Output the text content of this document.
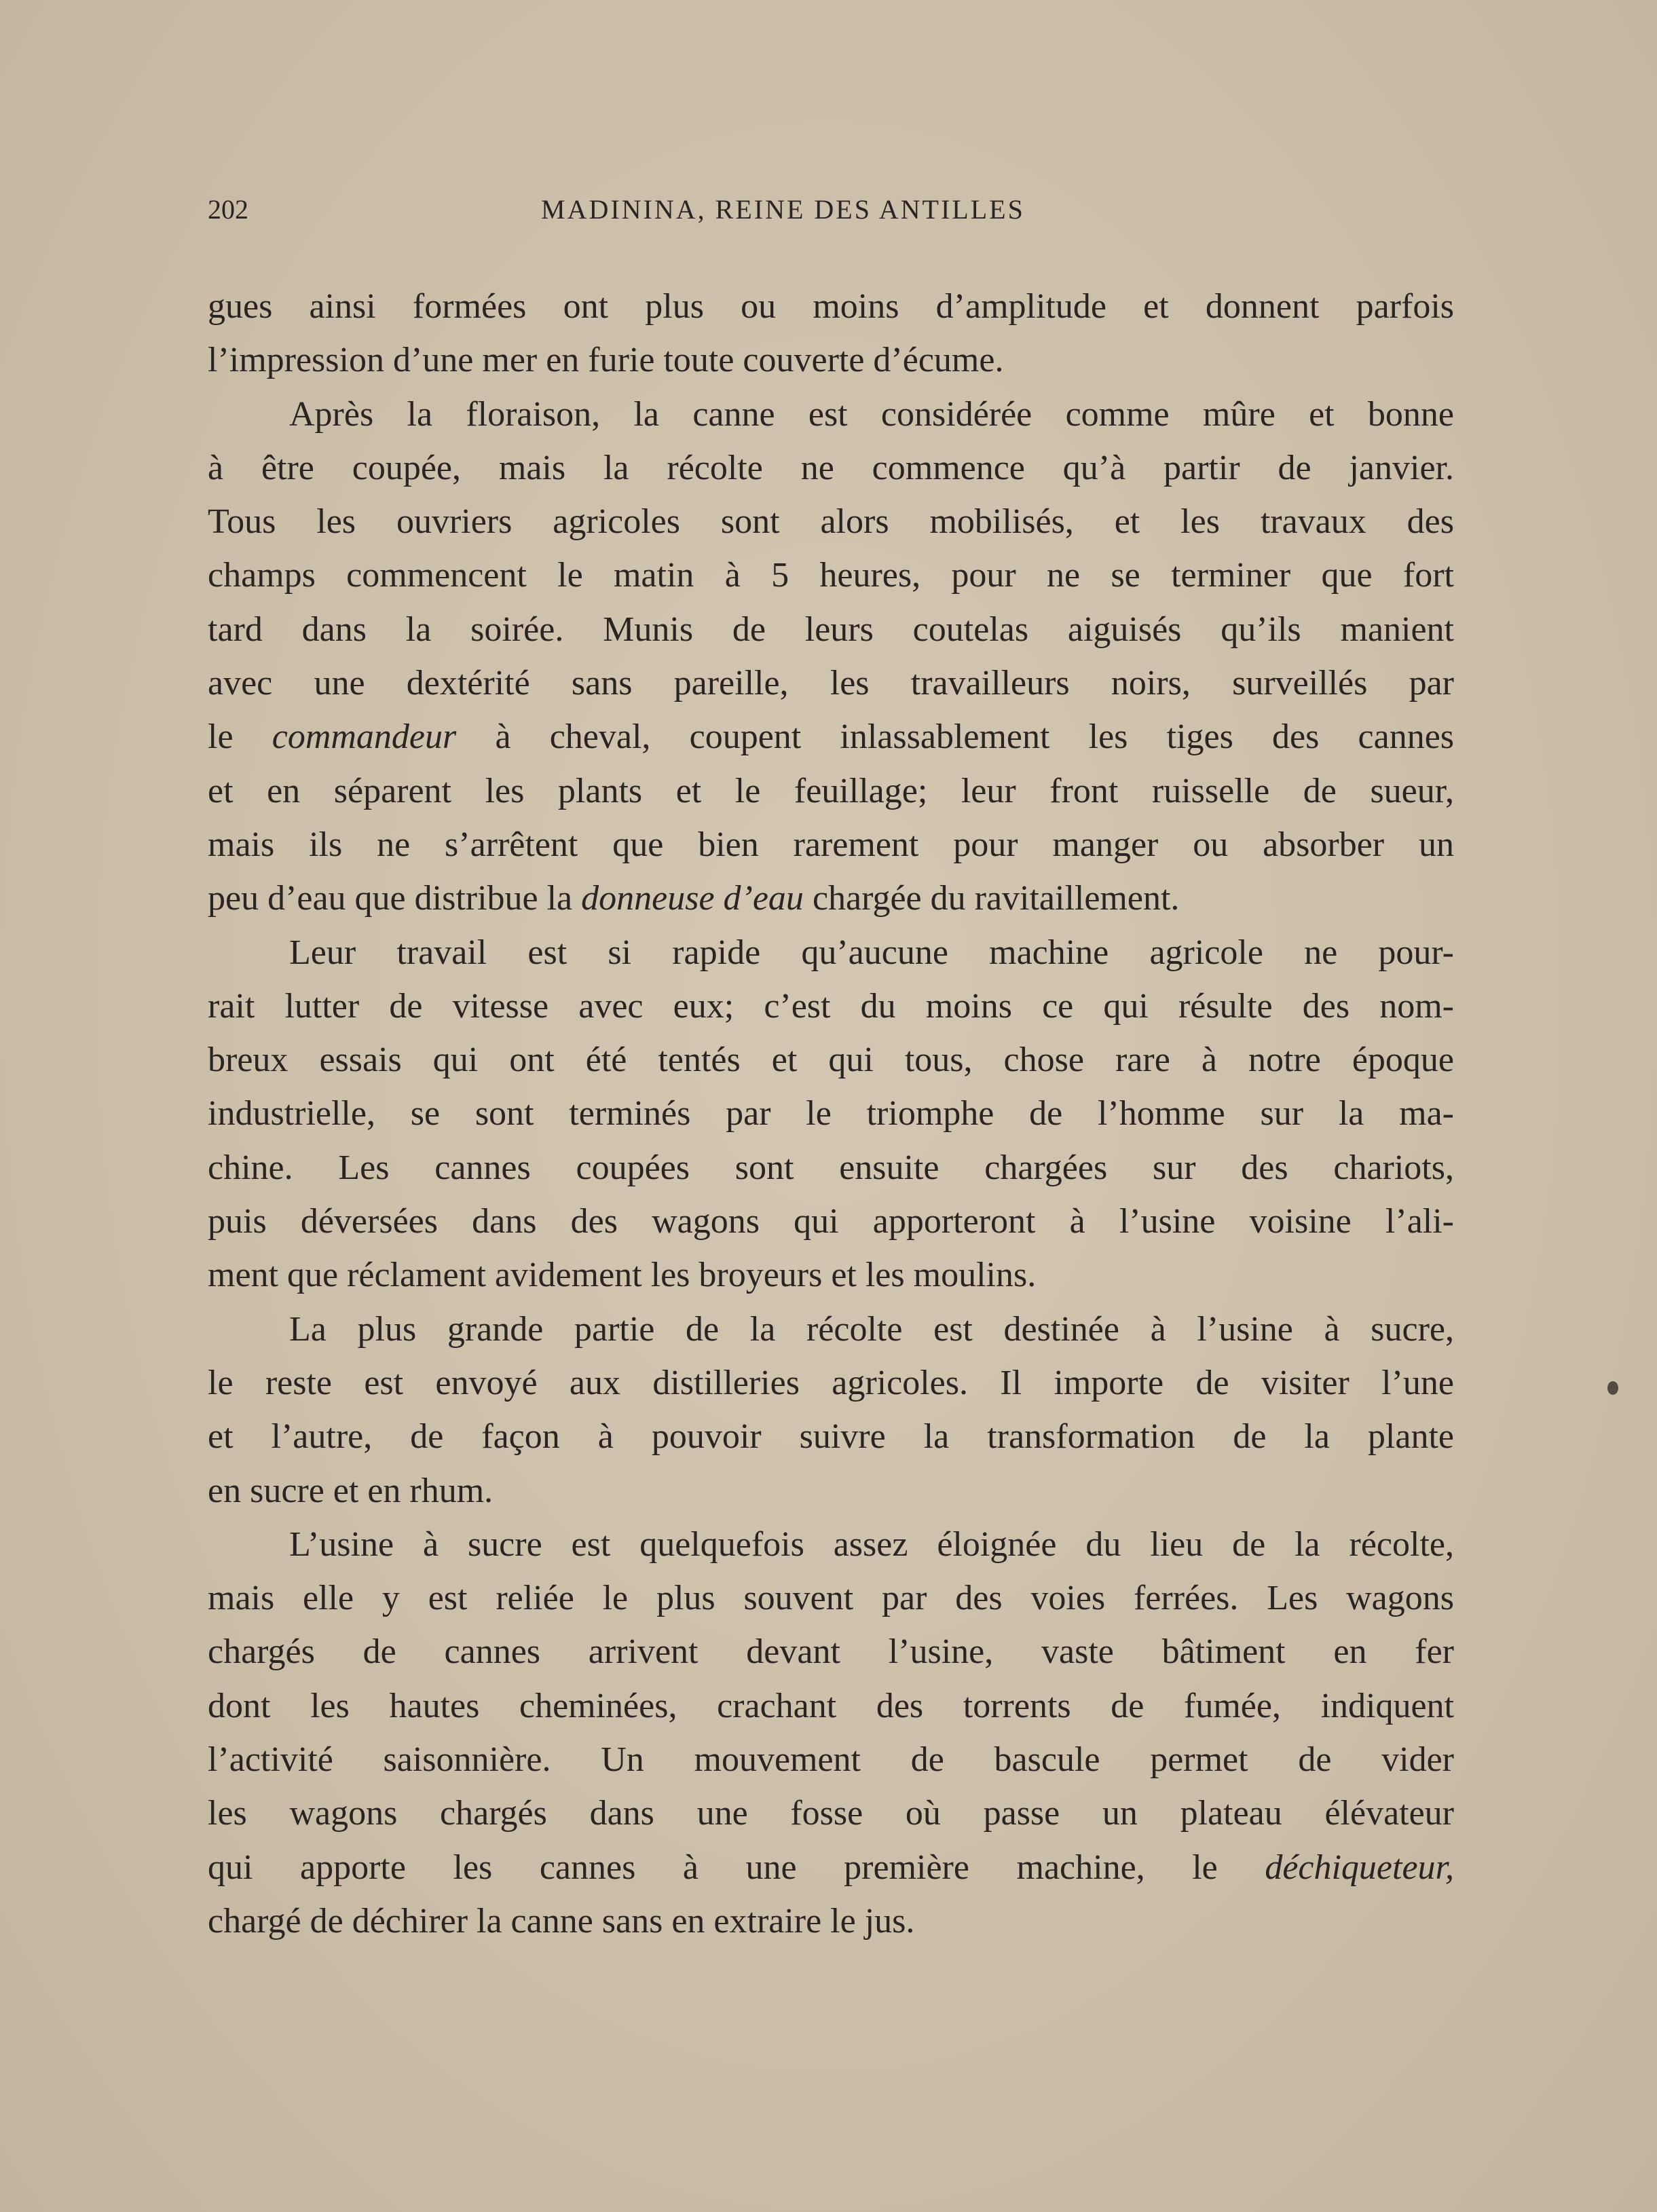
202	MADININA, REINE DES ANTILLES
gues ainsi formées ont plus ou moins d’amplitude et donnent parfois
l’impression d’une mer en furie toute couverte d’écume.
Après la floraison, la canne est considérée comme mûre et bonne
à être coupée, mais la récolte ne commence qu’à partir de janvier.
Tous les ouvriers agricoles sont alors mobilisés, et les travaux des
champs commencent le matin à 5 heures, pour ne se terminer que fort
tard dans la soirée. Munis de leurs coutelas aiguisés qu’ils manient
avec une dextérité sans pareille, les travailleurs noirs, surveillés par
le commandeur à cheval, coupent inlassablement les tiges des cannes
et en séparent les plants et le feuillage; leur front ruisselle de sueur,
mais ils ne s’arrêtent que bien rarement pour manger ou absorber un
peu d’eau que distribue la donneuse d’eau chargée du ravitaillement.
Leur travail est si rapide qu’aucune machine agricole ne pour-
rait lutter de vitesse avec eux; c’est du moins ce qui résulte des nom-
breux essais qui ont été tentés et qui tous, chose rare à notre époque
industrielle, se sont terminés par le triomphe de l’homme sur la ma-
chine. Les cannes coupées sont ensuite chargées sur des chariots,
puis déversées dans des wagons qui apporteront à l’usine voisine l’ali-
ment que réclament avidement les broyeurs et les moulins.
La plus grande partie de la récolte est destinée à l’usine à sucre,
le reste est envoyé aux distilleries agricoles. Il importe de visiter l’une
et l’autre, de façon à pouvoir suivre la transformation de la plante
en sucre et en rhum.
L’usine à sucre est quelquefois assez éloignée du lieu de la récolte,
mais elle y est reliée le plus souvent par des voies ferrées. Les wagons
chargés de cannes arrivent devant l’usine, vaste bâtiment en fer
dont les hautes cheminées, crachant des torrents de fumée, indiquent
l’activité saisonnière. Un mouvement de bascule permet de vider
les wagons chargés dans une fosse où passe un plateau élévateur
qui apporte les cannes à une première machine, le déchiqueteur,
chargé de déchirer la canne sans en extraire le jus.
